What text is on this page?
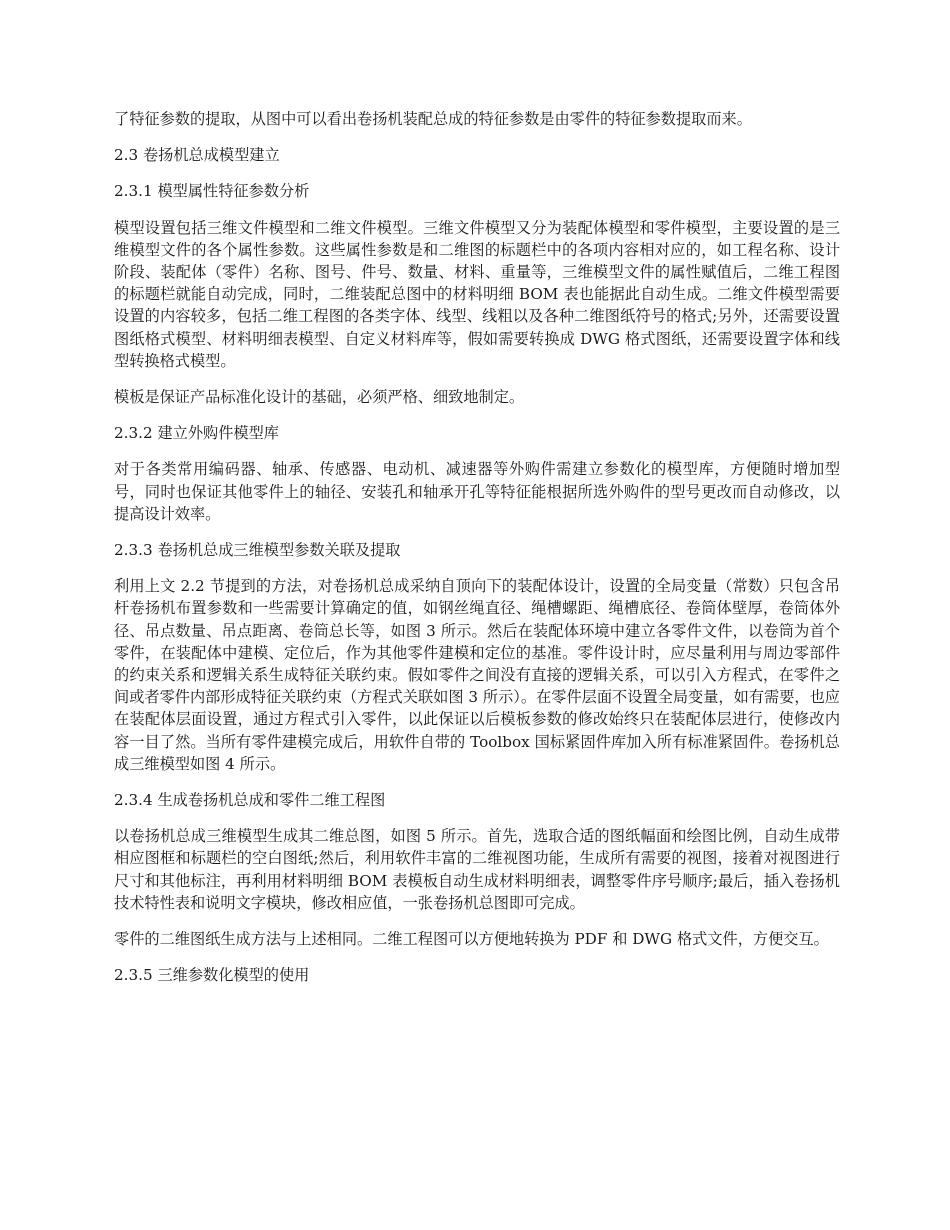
了特征参数的提取，从图中可以看出卷扬机装配总成的特征参数是由零件的特征参数提取而来。

2.3 卷扬机总成模型建立
2.3.1 模型属性特征参数分析

模型设置包括三维文件模型和二维文件模型。三维文件模型又分为装配体模型和零件模型，主要设置的是三维模型文件的各个属性参数。这些属性参数是和二维图的标题栏中的各项内容相对应的，如工程名称、设计阶段、装配体（零件）名称、图号、件号、数量、材料、重量等，三维模型文件的属性赋值后，二维工程图的标题栏就能自动完成，同时，二维装配总图中的材料明细 BOM 表也能据此自动生成。二维文件模型需要设置的内容较多，包括二维工程图的各类字体、线型、线粗以及各种二维图纸符号的格式;另外，还需要设置图纸格式模型、材料明细表模型、自定义材料库等，假如需要转换成 DWG 格式图纸，还需要设置字体和线型转换格式模型。

模板是保证产品标准化设计的基础，必须严格、细致地制定。

2.3.2 建立外购件模型库

对于各类常用编码器、轴承、传感器、电动机、减速器等外购件需建立参数化的模型库，方便随时增加型号，同时也保证其他零件上的轴径、安装孔和轴承开孔等特征能根据所选外购件的型号更改而自动修改，以提高设计效率。

2.3.3 卷扬机总成三维模型参数关联及提取

利用上文 2.2 节提到的方法，对卷扬机总成采纳自顶向下的装配体设计，设置的全局变量（常数）只包含吊杆卷扬机布置参数和一些需要计算确定的值，如钢丝绳直径、绳槽螺距、绳槽底径、卷筒体壁厚，卷筒体外径、吊点数量、吊点距离、卷筒总长等，如图 3 所示。然后在装配体环境中建立各零件文件，以卷筒为首个零件，在装配体中建模、定位后，作为其他零件建模和定位的基准。零件设计时，应尽量利用与周边零部件的约束关系和逻辑关系生成特征关联约束。假如零件之间没有直接的逻辑关系，可以引入方程式，在零件之间或者零件内部形成特征关联约束（方程式关联如图 3 所示）。在零件层面不设置全局变量，如有需要，也应在装配体层面设置，通过方程式引入零件，以此保证以后模板参数的修改始终只在装配体层进行，使修改内容一目了然。当所有零件建模完成后，用软件自带的 Toolbox 国标紧固件库加入所有标准紧固件。卷扬机总成三维模型如图 4 所示。

2.3.4 生成卷扬机总成和零件二维工程图

以卷扬机总成三维模型生成其二维总图，如图 5 所示。首先，选取合适的图纸幅面和绘图比例，自动生成带相应图框和标题栏的空白图纸;然后，利用软件丰富的二维视图功能，生成所有需要的视图，接着对视图进行尺寸和其他标注，再利用材料明细 BOM 表模板自动生成材料明细表，调整零件序号顺序;最后，插入卷扬机技术特性表和说明文字模块，修改相应值，一张卷扬机总图即可完成。

零件的二维图纸生成方法与上述相同。二维工程图可以方便地转换为 PDF 和 DWG 格式文件，方便交互。

2.3.5 三维参数化模型的使用
